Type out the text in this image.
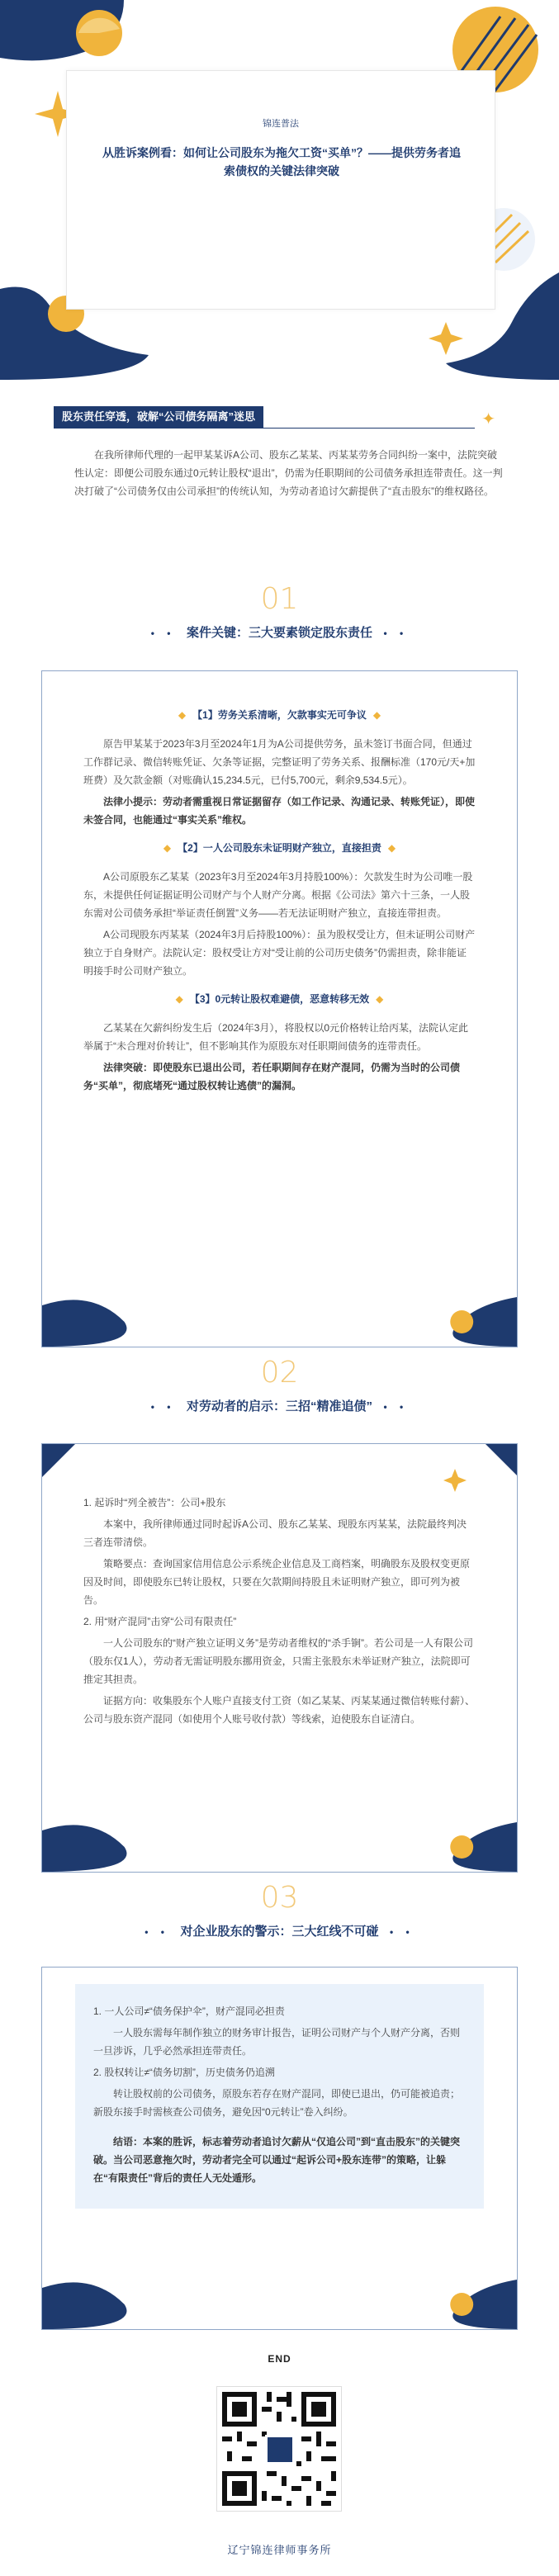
锦连普法
从胜诉案例看：如何让公司股东为拖欠工资“买单”？——提供劳务者追索债权的关键法律突破
股东责任穿透，破解“公司债务隔离”迷思	✦
在我所律师代理的一起甲某某诉A公司、股东乙某某、丙某某劳务合同纠纷一案中，法院突破性认定：即便公司股东通过0元转让股权“退出”，仍需为任职期间的公司债务承担连带责任。这一判决打破了“公司债务仅由公司承担”的传统认知，为劳动者追讨欠薪提供了“直击股东”的维权路径。
01
• •  案件关键：三大要素锁定股东责任  • •
◆ 【1】劳务关系清晰，欠款事实无可争议 ◆

原告甲某某于2023年3月至2024年1月为A公司提供劳务，虽未签订书面合同，但通过工作群记录、微信转账凭证、欠条等证据，完整证明了劳务关系、报酬标准（170元/天+加班费）及欠款金额（对账确认15,234.5元，已付5,700元，剩余9,534.5元）。

法律小提示：劳动者需重视日常证据留存（如工作记录、沟通记录、转账凭证），即使未签合同，也能通过“事实关系”维权。

◆ 【2】一人公司股东未证明财产独立，直接担责 ◆

A公司原股东乙某某（2023年3月至2024年3月持股100%）：欠款发生时为公司唯一股东，未提供任何证据证明公司财产与个人财产分离。根据《公司法》第六十三条，一人股东需对公司债务承担“举证责任倒置”义务——若无法证明财产独立，直接连带担责。

A公司现股东丙某某（2024年3月后持股100%）：虽为股权受让方，但未证明公司财产独立于自身财产。法院认定：股权受让方对“受让前的公司历史债务”仍需担责，除非能证明接手时公司财产独立。

◆ 【3】0元转让股权难避债，恶意转移无效 ◆

乙某某在欠薪纠纷发生后（2024年3月），将股权以0元价格转让给丙某，法院认定此举属于“未合理对价转让”，但不影响其作为原股东对任职期间债务的连带责任。

法律突破：即使股东已退出公司，若任职期间存在财产混同，仍需为当时的公司债务“买单”，彻底堵死“通过股权转让逃债”的漏洞。

02
• •  对劳动者的启示：三招“精准追债”  • •

1. 起诉时“列全被告”：公司+股东

本案中，我所律师通过同时起诉A公司、股东乙某某、现股东丙某某，法院最终判决三者连带清偿。

策略要点：查询国家信用信息公示系统企业信息及工商档案，明确股东及股权变更原因及时间，即使股东已转让股权，只要在欠款期间持股且未证明财产独立，即可列为被告。

2. 用“财产混同”击穿“公司有限责任”

一人公司股东的“财产独立证明义务”是劳动者维权的“杀手锏”。若公司是一人有限公司（股东仅1人），劳动者无需证明股东挪用资金，只需主张股东未举证财产独立，法院即可推定其担责。

证据方向：收集股东个人账户直接支付工资（如乙某某、丙某某通过微信转账付薪）、公司与股东资产混同（如使用个人账号收付款）等线索，迫使股东自证清白。

03
• •  对企业股东的警示：三大红线不可碰  • •

1. 一人公司≠“债务保护伞”，财产混同必担责

一人股东需每年制作独立的财务审计报告，证明公司财产与个人财产分离，否则一旦涉诉，几乎必然承担连带责任。

2. 股权转让≠“债务切割”，历史债务仍追溯

转让股权前的公司债务，原股东若存在财产混同，即使已退出，仍可能被追责；新股东接手时需核查公司债务，避免因“0元转让”卷入纠纷。

结语：本案的胜诉，标志着劳动者追讨欠薪从“仅追公司”到“直击股东”的关键突破。当公司恶意拖欠时，劳动者完全可以通过“起诉公司+股东连带”的策略，让躲在“有限责任”背后的责任人无处遁形。

END
辽宁锦连律师事务所
